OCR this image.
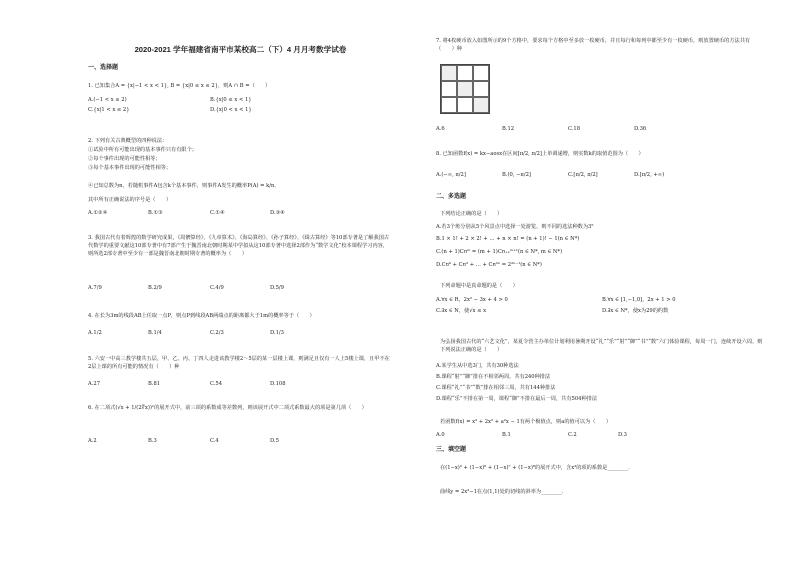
2020-2021 学年福建省南平市某校高二（下）4 月月考数学试卷
一、选择题
1. 已知集合A = {x|−1 < x < 1}, B = {x|0 ≤ x ≤ 2}，则A ∩ B =（　　）
A.(−1 < x ≤ 2)	B.{x|0 ≤ x < 1}
C.{x|1 < x ≤ 2}	D.{x|0 < x < 1}
2. 下列有关古典概型的四种说法：
①试验中所有可能出现的基本事件只有有限个；
②每个事件出现的可能性相等；
③每个基本事件出现的可能性相等；
④已知总数为n，若随机事件A包含k个基本事件，则事件A发生的概率P(A) = k/n．
其中所有正确说法的序号是（　　）
A.①②④	B.①③	C.①④	D.③④
3. 我国古代有着辉煌的数学研究成果，《周髀算经》、《九章算术》、《海岛算经》、《孙子算经》、《缉古算经》等10部专著是了解我国古代数学的重要文献这10部专著中有7部产生于魏晋南北朝时期某中学拟从这10部专著中选择2部作为“数学文化”校本课程学习内容，则所选2部专著中至少有一部是魏晋南北朝时期专著的概率为（　　）
A.7/9	B.2/9	C.4/9	D.5/9
4. 在长为3m的线段AB上任取一点P，则点P到线段AB两端点的距离都大于1m的概率等于（　　）
A.1/2	B.1/4	C.2/3	D.1/3
5. 六安一中高三教学楼共五层，甲、乙、丙、丁四人走进该教学楼2～5层的某一层楼上课，则满足且仅有一人上5楼上课，且甲不在2层上课的所有可能的情况有（　　）种
A.27	B.81	C.54	D.108
6. 在二项式(√x + 1/(2∜x))ⁿ的展开式中，前三项的系数成等差数列，则该展开式中二项式系数最大的项是第几项（　　）
A.2	B.3	C.4	D.5
7. 将4枚硬币放入如图所示的9个方格中，要求每个方格中至多放一枚硬币，并且每行和每列中都至少有一枚硬币，则放置硬币的方法共有（　　）种
A.6	B.12	C.18	D.36
8. 已知函数f(x) = kx−aosx在区间[π/2, π/2]上单调递增，则实数k的取值范围为（　　）
A.(−∞, π/2]	B.(0, −π/2]	C.[π/2, π/2]	D.[π/2, +∞)
二、多选题
下列结论正确的是（　　）
A.若3个班分别从5个风景点中选择一处游览，则不同的选法种数为3⁵
B.1 × 1! + 2 × 2! + … + n × n! = (n + 1)! − 1(n ∈ N*)
C.(n + 1)C𝑛ᵐ = (m + 1)C𝑛₊₁ᵐ⁺¹(n ∈ N*, m ∈ N*)
D.C𝑛⁰ + C𝑛² + … + C𝑛²ⁿ = 2²ⁿ⁻¹(n ∈ N*)
下列命题中是真命题的是（　　）
A.∀x ∈ R，2x² − 3x + 4 > 0	B.∀x ∈ [1,−1,0]，2x + 1 > 0
C.∃x ∈ N，使√x ≤ x	D.∃x ∈ N*，使x为29的约数
为弘扬我国古代的“六艺文化”，某夏令营主办单位计划利用暑期开设“礼”“乐”“射”“御”“书”“数”六门体验课程，每周一门，连续开设六周，则下列说法正确的是（　　）
A.某学生从中选3门，共有30种选法
B.课程“射”“御”排在不相邻两周，共有240种排法
C.课程“礼”“书”“数”排在相邻三周，共有144种排法
D.课程“乐”不排在第一周，课程“御”不排在最后一周，共有504种排法
若函数f(x) = x³ + 2x² + a²x − 1有两个极值点，则a的值可以为（　　）
A.0	B.1	C.2	D.3
三、填空题
在(1−x)³ + (1−x)⁶ + (1−x)⁷ + (1−x)⁸的展开式中，含x³的项的系数是________．
曲线y = 2x³−1在点(1,1)处的切线的斜率为________．
